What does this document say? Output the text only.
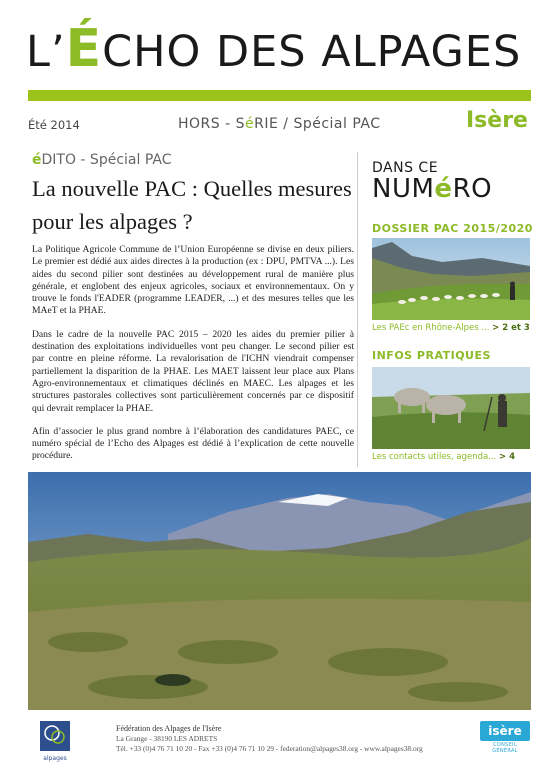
L’ÉCHO DES ALPAGES
Été 2014	HORS - SéRIE / Spécial PAC	Isère
éDITO - Spécial PAC
La nouvelle PAC : Quelles mesures pour les alpages ?

La Politique Agricole Commune de l’Union Européenne se divise en deux piliers. Le premier est dédié aux aides directes à la production (ex : DPU, PMTVA ...). Les aides du second pilier sont destinées au développement rural de manière plus générale, et englobent des enjeux agricoles, sociaux et environnementaux. On y trouve le fonds l'EADER (programme LEADER, ...) et des mesures telles que les MAeT et la PHAE.

Dans le cadre de la nouvelle PAC 2015 – 2020 les aides du premier pilier à destination des exploitations individuelles vont peu changer. Le second pilier est par contre en pleine réforme. La revalorisation de l'ICHN viendrait compenser partiellement la disparition de la PHAE. Les MAET laissent leur place aux Plans Agro-environnementaux et climatiques déclinés en MAEC. Les alpages et les structures pastorales collectives sont particulièrement concernés par ce dispositif qui devrait remplacer la PHAE.

Afin d’associer le plus grand nombre à l’élaboration des candidatures PAEC, ce numéro spécial de l’Echo des Alpages est dédié à l’explication de cette nouvelle procédure.

DANS CE
NUMéRO
DOSSIER PAC 2015/2020
Les PAEc en Rhône-Alpes ... > 2 et 3
INFOS PRATIQUES
Les contacts utiles, agenda... > 4
alpages
Fédération des Alpages de l'Isère
La Grange - 38190 LES ADRETS
Tél. +33 (0)4 76 71 10 20 - Fax +33 (0)4 76 71 10 29 - federation@alpages38.org - www.alpages38.org
isère
CONSEIL GÉNÉRAL
